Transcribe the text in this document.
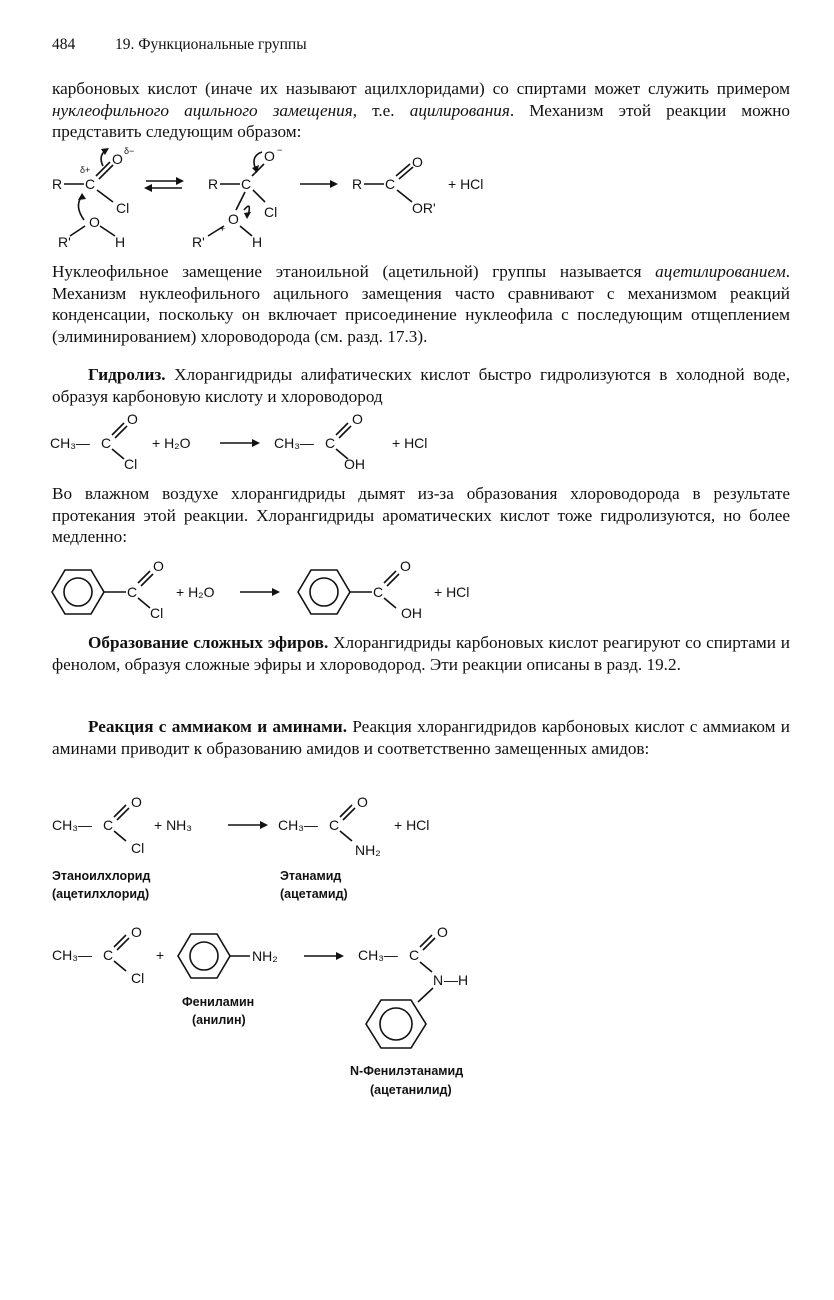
484	19. Функциональные группы

карбоновых кислот (иначе их называют ацилхлоридами) со спиртами может служить примером нуклеофильного ацильного замещения, т.е. ацилирования. Механизм этой реакции можно представить следующим образом:

R C
δ+
O δ−
Cl
O
R'	H
R C
O −
Cl
O
+
R'	H
R C
O
OR'
+ HCl

Нуклеофильное замещение этаноильной (ацетильной) группы называется ацетилированием. Механизм нуклеофильного ацильного замещения часто сравнивают с механизмом реакций конденсации, поскольку он включает присоединение нуклеофила с последующим отщеплением (элиминированием) хлороводорода (см. разд. 17.3).

Гидролиз. Хлорангидриды алифатических кислот быстро гидролизуются в холодной воде, образуя карбоновую кислоту и хлороводород

CH₃— C
O
Cl
+ H₂O	CH₃— C
O
OH
+ HCl

Во влажном воздухе хлорангидриды дымят из-за образования хлороводорода в результате протекания этой реакции. Хлорангидриды ароматических кислот тоже гидролизуются, но более медленно:

C
O
Cl
+ H₂O	C
O
OH
+ HCl

Образование сложных эфиров. Хлорангидриды карбоновых кислот реагируют со спиртами и фенолом, образуя сложные эфиры и хлороводород. Эти реакции описаны в разд. 19.2.

Реакция с аммиаком и аминами. Реакция хлорангидридов карбоновых кислот с аммиаком и аминами приводит к образованию амидов и соответственно замещенных амидов:

CH₃— C
O
Cl
+ NH₃	CH₃— C
O
NH₂
+ HCl
Этаноилхлорид
(ацетилхлорид)
Этанамид
(ацетамид)
CH₃— C
O
Cl
+	NH₂
Фениламин
(анилин)
CH₃— C
O
N —H
N-Фенилэтанамид
(ацетанилид)
